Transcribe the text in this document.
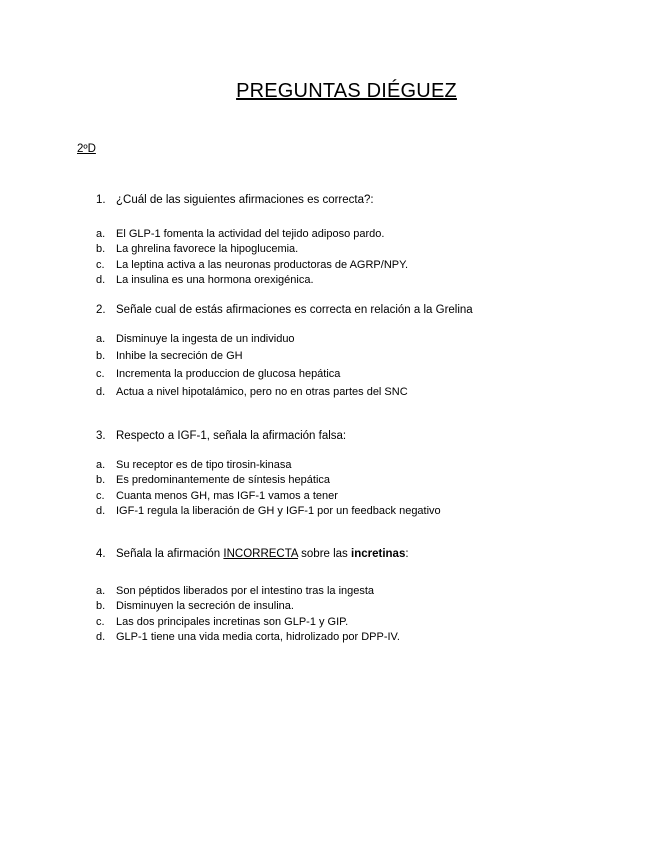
PREGUNTAS DIÉGUEZ
2ºD
1. ¿Cuál de las siguientes afirmaciones es correcta?:
a. El GLP-1 fomenta la actividad del tejido adiposo pardo.
b. La ghrelina favorece la hipoglucemia.
c. La leptina activa a las neuronas productoras de AGRP/NPY.
d. La insulina es una hormona orexigénica.
2. Señale cual de estás afirmaciones es correcta en relación a la Grelina
a. Disminuye la ingesta de un individuo
b. Inhibe la secreción de GH
c. Incrementa la produccion de glucosa hepática
d. Actua a nivel hipotalámico, pero no en otras partes del SNC
3. Respecto a IGF-1, señala la afirmación falsa:
a. Su receptor es de tipo tirosin-kinasa
b. Es predominantemente de síntesis hepática
c. Cuanta menos GH, mas IGF-1 vamos a tener
d. IGF-1 regula la liberación de GH y IGF-1 por un feedback negativo
4. Señala la afirmación INCORRECTA sobre las incretinas:
a. Son péptidos liberados por el intestino tras la ingesta
b. Disminuyen la secreción de insulina.
c. Las dos principales incretinas son GLP-1 y GIP.
d. GLP-1 tiene una vida media corta, hidrolizado por DPP-IV.
